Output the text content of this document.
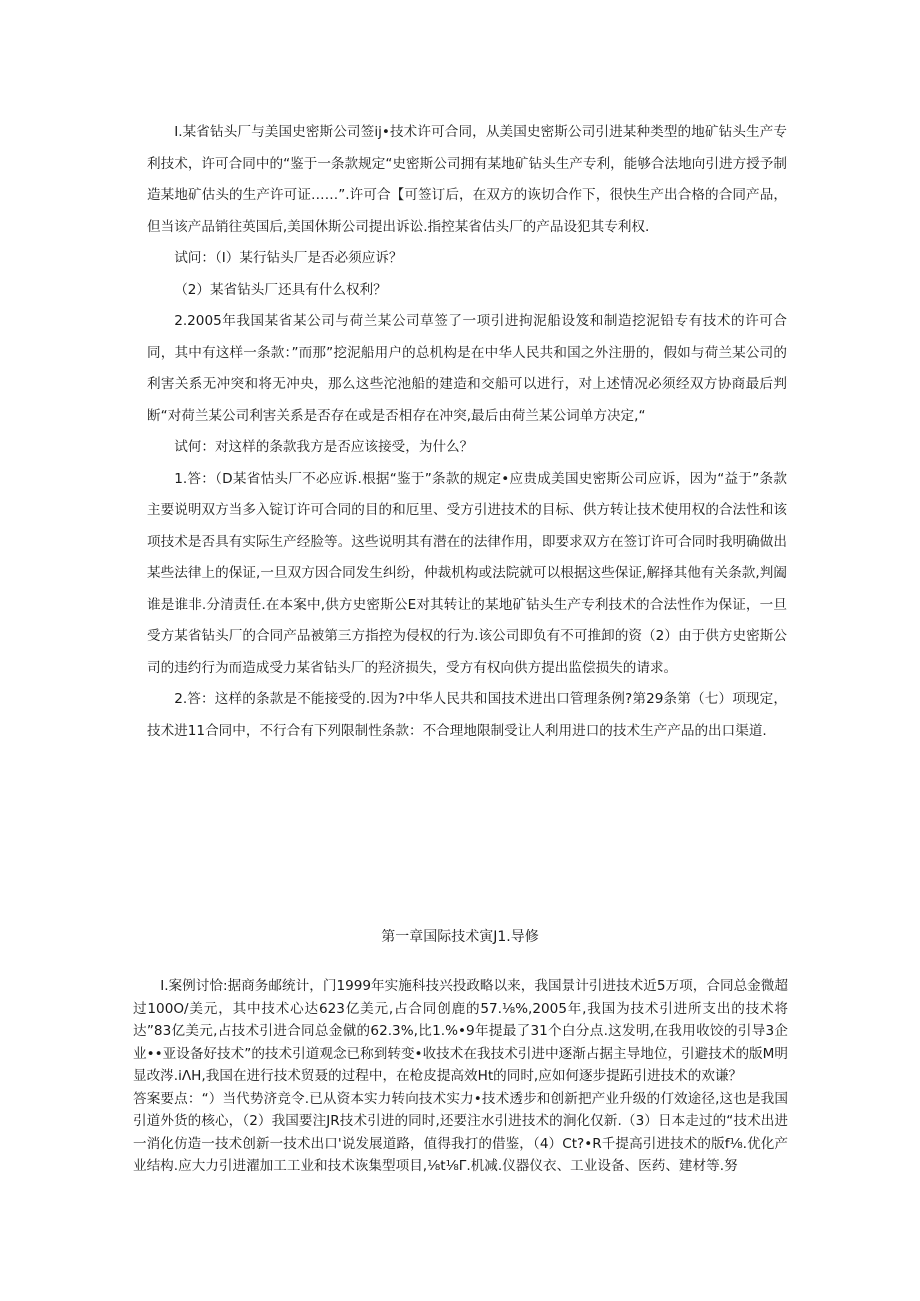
I.某省钻头厂与美国史密斯公司签ij•技术许可合同，从美国史密斯公司引进某种类型的地矿钻头生产专利技术，许可合同中的“鉴于一条款规定“史密斯公司拥有某地矿钻头生产专利，能够合法地向引进方授予制造某地矿估头的生产许可证……”.许可合【可签订后，在双方的诙切合作下，很快生产出合格的合同产品，但当该产品销往英国后,美国休斯公司提出诉讼.指控某省估头厂的产品设犯其专利权.

试问：（I）某行钻头厂是否必须应诉？

（2）某省钻头厂还具有什么权利？

2.2005年我国某省某公司与荷兰某公司草签了一项引进拘泥船设笈和制造挖泥铅专有技术的许可合同，其中有这样一条款：”而那”挖泥船用户的总机构是在中华人民共和国之外注册的，假如与荷兰某公司的利害关系无冲突和将无冲央，那么这些沱池船的建造和交船可以进行，对上述情况必须经双方协商最后判断“对荷兰某公司利害关系是否存在或是否相存在冲突,最后由荷兰某公词单方决定,“

试何：对这样的条款我方是否应该接受，为什么？

1.答：（D某省怙头厂不必应诉.根据“鉴于”条款的规定•应贵成美国史密斯公司应诉，因为“益于”条款主要说明双方当多入锭订许可合同的目的和厄里、受方引进技术的目标、供方转让技术使用权的合法性和该项技术是否具有实际生产经脸等。这些说明其有潜在的法律作用，即要求双方在签订许可合同时我明确做出某些法律上的保证,一旦双方因合同发生纠纷，仲裁机构或法院就可以根据这些保证,解择其他有关条款,判阖谁是谁非.分清责任.在本案中,供方史密斯公E对其转让的某地矿钻头生产专利技术的合法性作为保证，一旦受方某省钻头厂的合同产品被第三方指控为侵权的行为.该公司即负有不可推卸的资（2）由于供方史密斯公司的违约行为而造成受力某省钻头厂的羟济损失，受方有权向供方提出监偿损失的请求。

2.答：这样的条款是不能接受的.因为?中华人民共和国技术进出口管理条例?第29条第（七）项现定，技术进11合同中，不行合有下列限制性条款：不合理地限制受让人利用进口的技术生产产品的出口渠道.

第一章国际技术寅J1.导修

I.案例讨恰:据商务邮统计，门1999年实施科技兴投政略以来，我国景计引进技术近5万项，合同总金微超过100O/美元，其中技术心达623亿美元,占合同创鹿的57.⅛%,2005年,我国为技术引进所支出的技术将达”83亿美元,占技术引进合同总金僦的62.3%,比1.%•9年提最了31个白分点.这发明,在我用收饺的引导3企业••亚设备好技术”的技术引道观念已称到转变•收技术在我技术引进中逐渐占据主导地位，引避技术的版M明显改涔.iΛH,我国在进行技术贸聂的过程中，在枪皮提高效Ht的同时,应如何逐步提跖引进技术的欢谦？

答案要点：“）当代势济竞令.已从资本实力转向技术实力•技术透步和创新把产业升级的仃效途径,这也是我国引道外货的核心，（2）我国要注JR技术引进的同时,还要注水引进技术的涧化仅新.（3）日本走过的“技术出进一消化仿造一技术创新一技术出口'说发展道路，值得我打的借鉴，（4）Ct?•R千提高引进技术的版f⅛.优化产业结构.应大力引进濯加工工业和技术诙集型项目,⅛t⅛Γ.机减.仪器仪衣、工业设备、医药、建材等.努
